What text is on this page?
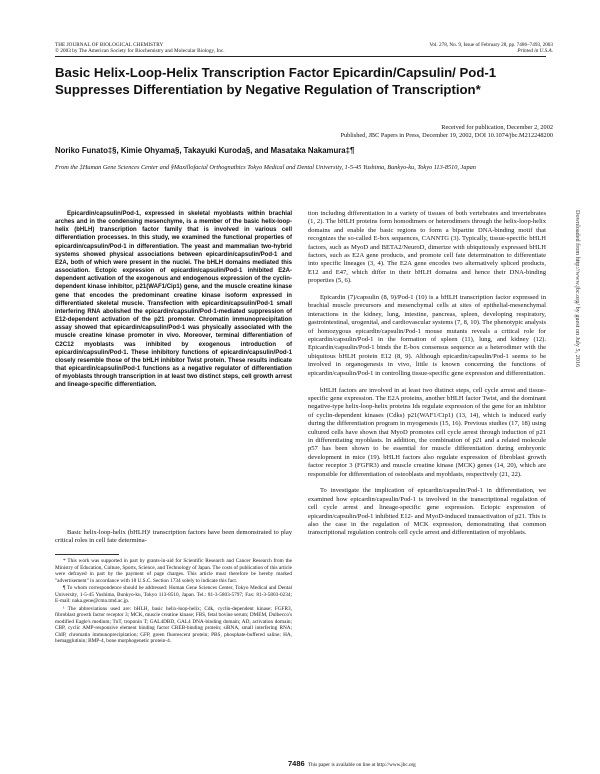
THE JOURNAL OF BIOLOGICAL CHEMISTRY
© 2003 by The American Society for Biochemistry and Molecular Biology, Inc.
Vol. 278, No. 9, Issue of February 28, pp. 7486–7493, 2003
Printed in U.S.A.
Basic Helix-Loop-Helix Transcription Factor Epicardin/Capsulin/ Pod-1 Suppresses Differentiation by Negative Regulation of Transcription*
Received for publication, December 2, 2002
Published, JBC Papers in Press, December 19, 2002, DOI 10.1074/jbc.M212248200
Noriko Funato‡§, Kimie Ohyama§, Takayuki Kuroda§, and Masataka Nakamura‡¶
From the ‡Human Gene Sciences Center and §Maxillofacial Orthognathics Tokyo Medical and Dental University, 1-5-45 Yushima, Bunkyo-ku, Tokyo 113-8510, Japan
Epicardin/capsulin/Pod-1, expressed in skeletal myoblasts within brachial arches and in the condensing mesenchyme, is a member of the basic helix-loop-helix (bHLH) transcription factor family that is involved in various cell differentiation processes. In this study, we examined the functional properties of epicardin/capsulin/Pod-1 in differentiation. The yeast and mammalian two-hybrid systems showed physical associations between epicardin/capsulin/Pod-1 and E2A, both of which were present in the nuclei. The bHLH domains mediated this association. Ectopic expression of epicardin/capsulin/Pod-1 inhibited E2A-dependent activation of the exogenous and endogenous expression of the cyclin-dependent kinase inhibitor, p21(WAF1/Cip1) gene, and the muscle creatine kinase gene that encodes the predominant creatine kinase isoform expressed in differentiated skeletal muscle. Transfection with epicardin/capsulin/Pod-1 small interfering RNA abolished the epicardin/capsulin/Pod-1-mediated suppression of E12-dependent activation of the p21 promoter. Chromatin immunoprecipitation assay showed that epicardin/capsulin/Pod-1 was physically associated with the muscle creatine kinase promoter in vivo. Moreover, terminal differentiation of C2C12 myoblasts was inhibited by exogenous introduction of epicardin/capsulin/Pod-1. These inhibitory functions of epicardin/capsulin/Pod-1 closely resemble those of the bHLH inhibitor Twist protein. These results indicate that epicardin/capsulin/Pod-1 functions as a negative regulator of differentiation of myoblasts through transcription in at least two distinct steps, cell growth arrest and lineage-specific differentiation.
Basic helix-loop-helix (bHLH)¹ transcription factors have been demonstrated to play critical roles in cell fate determina-

* This work was supported in part by grants-in-aid for Scientific Research and Cancer Research from the Ministry of Education, Culture, Sports, Science, and Technology of Japan. The costs of publication of this article were defrayed in part by the payment of page charges. This article must therefore be hereby marked "advertisement" in accordance with 18 U.S.C. Section 1734 solely to indicate this fact.

¶ To whom correspondence should be addressed: Human Gene Sciences Center, Tokyo Medical and Dental University, 1-5-45 Yushima, Bunkyo-ku, Tokyo 113-8510, Japan. Tel.: 81-3-5803-5797; Fax: 81-3-5803-0234; E-mail: naka.gene@cmn.tmd.ac.jp.

¹ The abbreviations used are: bHLH, basic helix-loop-helix; Cdk, cyclin-dependent kinase; FGFR3, fibroblast growth factor receptor 3; MCK, muscle creatine kinase; FBS, fetal bovine serum; DMEM, Dulbecco's modified Eagle's medium; TnT, troponin T; GAL4DBD, GAL4 DNA-binding domain; AD, activation domain; CBP, cyclic AMP-responsive element binding factor CREB-binding protein; siRNA, small interfering RNA; ChIP, chromatin immunoprecipitation; GFP, green fluorescent protein; PBS, phosphate-buffered saline; HA, hemagglutinin; BMP-4, bone morphogenetic protein-4.

tion including differentiation in a variety of tissues of both vertebrates and invertebrates (1, 2). The bHLH proteins form homodimers or heterodimers through the helix-loop-helix domains and enable the basic regions to form a bipartite DNA-binding motif that recognizes the so-called E-box sequences, CANNTG (3). Typically, tissue-specific bHLH factors, such as MyoD and BETA2/NeuroD, dimerize with ubiquitously expressed bHLH factors, such as E2A gene products, and promote cell fate determination to differentiate into specific lineages (3, 4). The E2A gene encodes two alternatively spliced products, E12 and E47, which differ in their bHLH domains and hence their DNA-binding properties (5, 6).

Epicardin (7)/capsulin (8, 9)/Pod-1 (10) is a bHLH transcription factor expressed in brachial muscle precursors and mesenchymal cells at sites of epithelial-mesenchymal interactions in the kidney, lung, intestine, pancreas, spleen, developing respiratory, gastrointestinal, urogenital, and cardiovascular systems (7, 8, 10). The phenotypic analysis of homozygous epicardin/capsulin/Pod-1 mouse mutants reveals a critical role for epicardin/capsulin/Pod-1 in the formation of spleen (11), lung, and kidney (12). Epicardin/capsulin/Pod-1 binds the E-box consensus sequence as a heterodimer with the ubiquitous bHLH protein E12 (8, 9). Although epicardin/capsulin/Pod-1 seems to be involved in organogenesis in vivo, little is known concerning the functions of epicardin/capsulin/Pod-1 in controlling tissue-specific gene expression and differentiation.

bHLH factors are involved in at least two distinct steps, cell cycle arrest and tissue-specific gene expression. The E2A proteins, another bHLH factor Twist, and the dominant negative-type helix-loop-helix proteins Ids regulate expression of the gene for an inhibitor of cyclin-dependent kinases (Cdks) p21(WAF1/Cip1) (13, 14), which is induced early during the differentiation program in myogenesis (15, 16). Previous studies (17, 18) using cultured cells have shown that MyoD promotes cell cycle arrest through induction of p21 in differentiating myoblasts. In addition, the combination of p21 and a related molecule p57 has been shown to be essential for muscle differentiation during embryonic development in mice (19). bHLH factors also regulate expression of fibroblast growth factor receptor 3 (FGFR3) and muscle creatine kinase (MCK) genes (14, 20), which are responsible for differentiation of osteoblasts and myoblasts, respectively (21, 22).

To investigate the implication of epicardin/capsulin/Pod-1 in differentiation, we examined how epicardin/capsulin/Pod-1 is involved in the transcriptional regulation of cell cycle arrest and lineage-specific gene expression. Ectopic expression of epicardin/capsulin/Pod-1 inhibited E12- and MyoD-induced transactivation of p21. This is also the case in the regulation of MCK expression, demonstrating that common transcriptional regulation controls cell cycle arrest and differentiation of myoblasts.

7486 This paper is available on line at http://www.jbc.org
Downloaded from http://www.jbc.org/ by guest on July 5, 2016
